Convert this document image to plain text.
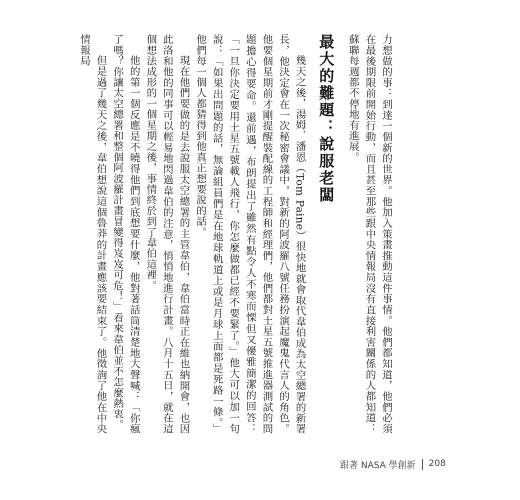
力想做的事：到達一個新的世界。他加入策畫推動這件事情。他們都知道，他們必須在最後期限前開始行動，而且甚至那些跟中央情報局沒有直接利害關係的人都知道：蘇聯每週都不停地有進展。

最大的難題：說服老闆

幾天之後，湯姆．潘恩（Tom Paine）很快地就會取代韋伯成為太空總署的新署長，他決定會在一次秘密會議中，對新的阿波羅八號任務扮演起魔鬼代言人的角色。他要個星期前才剛提醒裝配線的工程師和經理們，他們都對土星五號推進器測試的問題擔心得要命。還前遇，布朗提出了雖然有點令人不寒而慄但又優雅簡潔的回答：「一旦你決定要用土星五號載人飛行，你怎麼做都已經不要緊了。」他大可以加一句說：「如果出問題的話，無論組員們是在地球軌道上或是月球上面都是死路一條。」他們每一個人都猜得到他真正想要說的話。

現在他們要做的是去說服太空總署的主管韋伯，韋伯當時正在維也納開會，也因此洛和他的同事可以輕易地閃過韋伯的注意，悄悄地進行計畫。八月十五日，就在這個想法成形的一個星期之後，事情終於到了韋伯這裡。

他的第一個反應是不曉得他們到底想要什麼，他對著話筒清楚地大聲喊：「你瘋了嗎？你讓太空總署和整個阿波羅計畫冒變得岌岌可危！」看來韋伯並不怎麼熱衷。

但是過了幾天之後，韋伯想說這個魯莽的計畫應該要結束了。他徵詢了他在中央情報局

跟著 NASA 學創新 208
